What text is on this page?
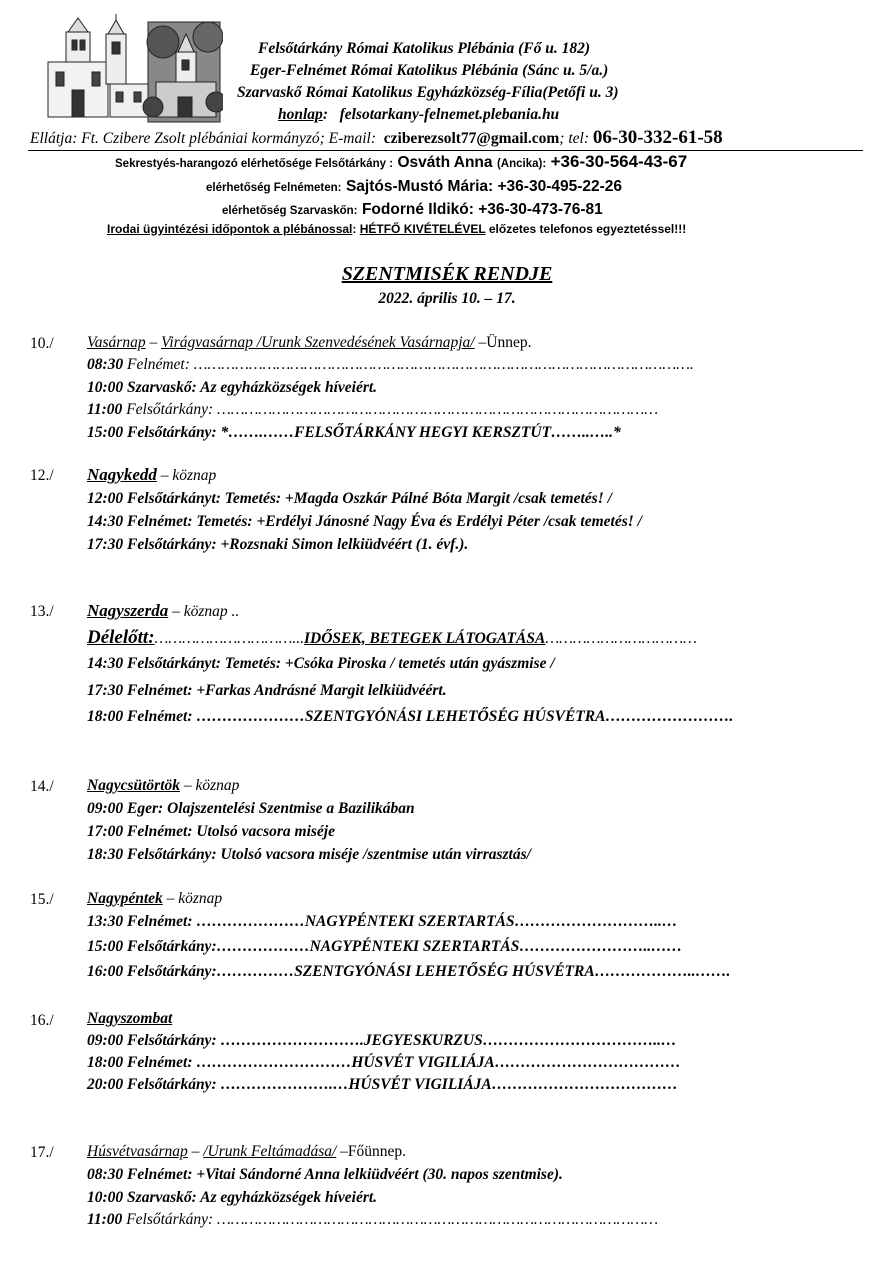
Felsőtárkány Római Katolikus Plébánia (Fő u. 182)
Eger-Felnémet Római Katolikus Plébánia (Sánc u. 5/a.)
Szarvaskő Római Katolikus Egyházközség-Fília(Petőfi u. 3)
honlap: felsotarkany-felnemet.plebania.hu
Ellátja: Ft. Czibere Zsolt plébániai kormányzó; E-mail: cziberezsolt77@gmail.com; tel: 06-30-332-61-58
Sekrestyés-harangozó elérhetősége Felsőtárkány : Osváth Anna (Ancika): +36-30-564-43-67
elérhetőség Felnémeten: Sajtós-Mustó Mária: +36-30-495-22-26
elérhetőség Szarvaskőn: Fodorné Ildikó: +36-30-473-76-81
Irodai ügyintézési időpontok a plébánossal: HÉTFŐ KIVÉTELÉVEL előzetes telefonos egyeztetéssel!!!
SZENTMISÉK RENDJE
2022. április 10. – 17.
10./ Vasárnap – Virágvasárnap /Urunk Szenvedésének Vasárnapja/ –Ünnep.
08:30 Felnémet: ……………………………………………………………………………………………….
10:00 Szarvaskő: Az egyházközségek híveiért.
11:00 Felsőtárkány: ……………………………………………………………………………………
15:00 Felsőtárkány: *…….……FELSŐTÁRKÁNY HEGYI KERSZTÚT……..…..*
12./ Nagykedd – köznap
12:00 Felsőtárkányt: Temetés: +Magda Oszkár Pálné Bóta Margit /csak temetés! /
14:30 Felnémet: Temetés: +Erdélyi Jánosné Nagy Éva és Erdélyi Péter /csak temetés! /
17:30 Felsőtárkány: +Rozsnaki Simon lelkiüdvéért (1. évf.).
13./ Nagyszerda – köznap ..
Délelőtt:…………………………...IDŐSEK, BETEGEK LÁTOGATÁSA……………………………
14:30 Felsőtárkányt: Temetés: +Csóka Piroska / temetés után gyászmise /
17:30 Felnémet: +Farkas Andrásné Margit lelkiüdvéért.
18:00 Felnémet: …………………SZENTGYÓNÁSI LEHETŐSÉG HÚSVÉTRA…………………….
14./ Nagycsütörtök – köznap
09:00 Eger: Olajszentelési Szentmise a Bazilikában
17:00 Felnémet: Utolsó vacsora miséje
18:30 Felsőtárkány: Utolsó vacsora miséje /szentmise után virrasztás/
15./ Nagypéntek – köznap
13:30 Felnémet: …………………NAGYPÉNTEKI SZERTARTÁS………………………..…
15:00 Felsőtárkány:………………NAGYPÉNTEKI SZERTARTÁS……………………..……
16:00 Felsőtárkány:……………SZENTGYÓNÁSI LEHETŐSÉG HÚSVÉTRA………………..…….
16./ Nagyszombat
09:00 Felsőtárkány: ……………………….JEGYESKURZUS……………………………..…
18:00 Felnémet: …………………………HÚSVÉT VIGILIÁJA………………………………
20:00 Felsőtárkány: ………………….…HÚSVÉT VIGILIÁJA………………………………
17./ Húsvétvasárnap – /Urunk Feltámadása/ –Főünnep.
08:30 Felnémet: +Vitai Sándorné Anna lelkiüdvéért (30. napos szentmise).
10:00 Szarvaskő: Az egyházközségek híveiért.
11:00 Felsőtárkány: ……………………………………………………………………………………
